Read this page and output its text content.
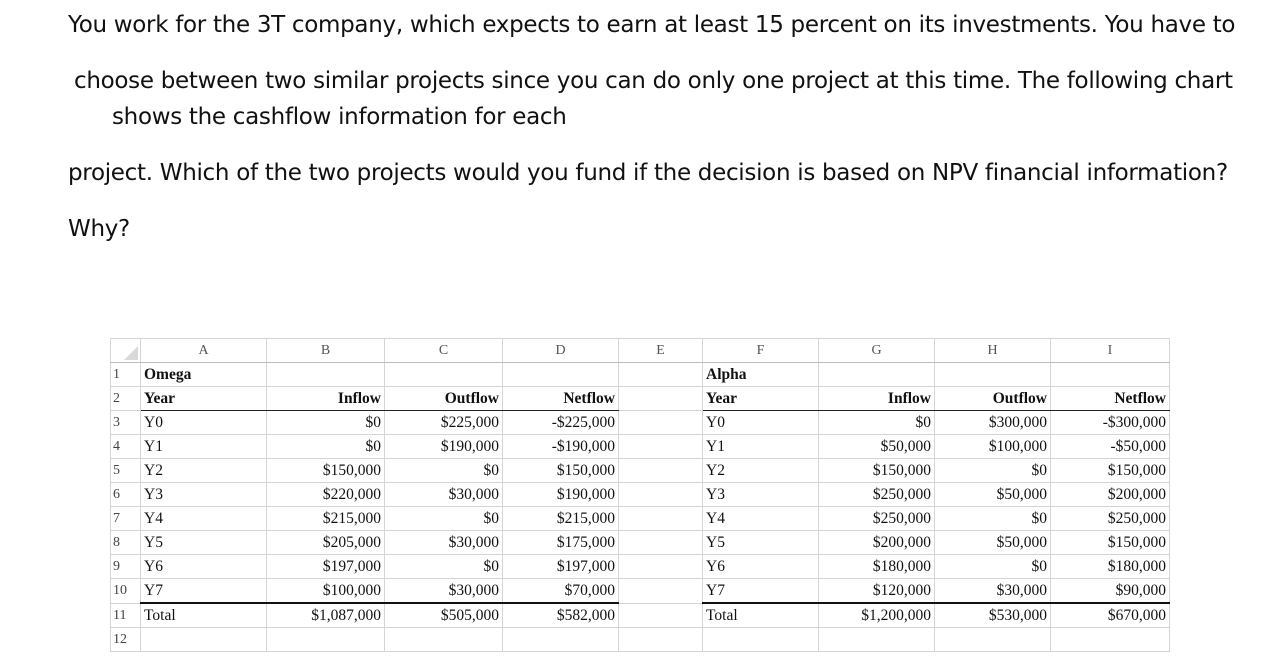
You work for the 3T company, which expects to earn at least 15 percent on its investments. You have to
choose between two similar projects since you can do only one project at this time. The following chart
shows the cashflow information for each
project. Which of the two projects would you fund if the decision is based on NPV financial information?
Why?
	A	B	C	D	E	F	G	H	I
1	Omega					Alpha			
2	Year	Inflow	Outflow	Netflow		Year	Inflow	Outflow	Netflow
3	Y0	$0	$225,000	-$225,000		Y0	$0	$300,000	-$300,000
4	Y1	$0	$190,000	-$190,000		Y1	$50,000	$100,000	-$50,000
5	Y2	$150,000	$0	$150,000		Y2	$150,000	$0	$150,000
6	Y3	$220,000	$30,000	$190,000		Y3	$250,000	$50,000	$200,000
7	Y4	$215,000	$0	$215,000		Y4	$250,000	$0	$250,000
8	Y5	$205,000	$30,000	$175,000		Y5	$200,000	$50,000	$150,000
9	Y6	$197,000	$0	$197,000		Y6	$180,000	$0	$180,000
10	Y7	$100,000	$30,000	$70,000		Y7	$120,000	$30,000	$90,000
11	Total	$1,087,000	$505,000	$582,000		Total	$1,200,000	$530,000	$670,000
12									
